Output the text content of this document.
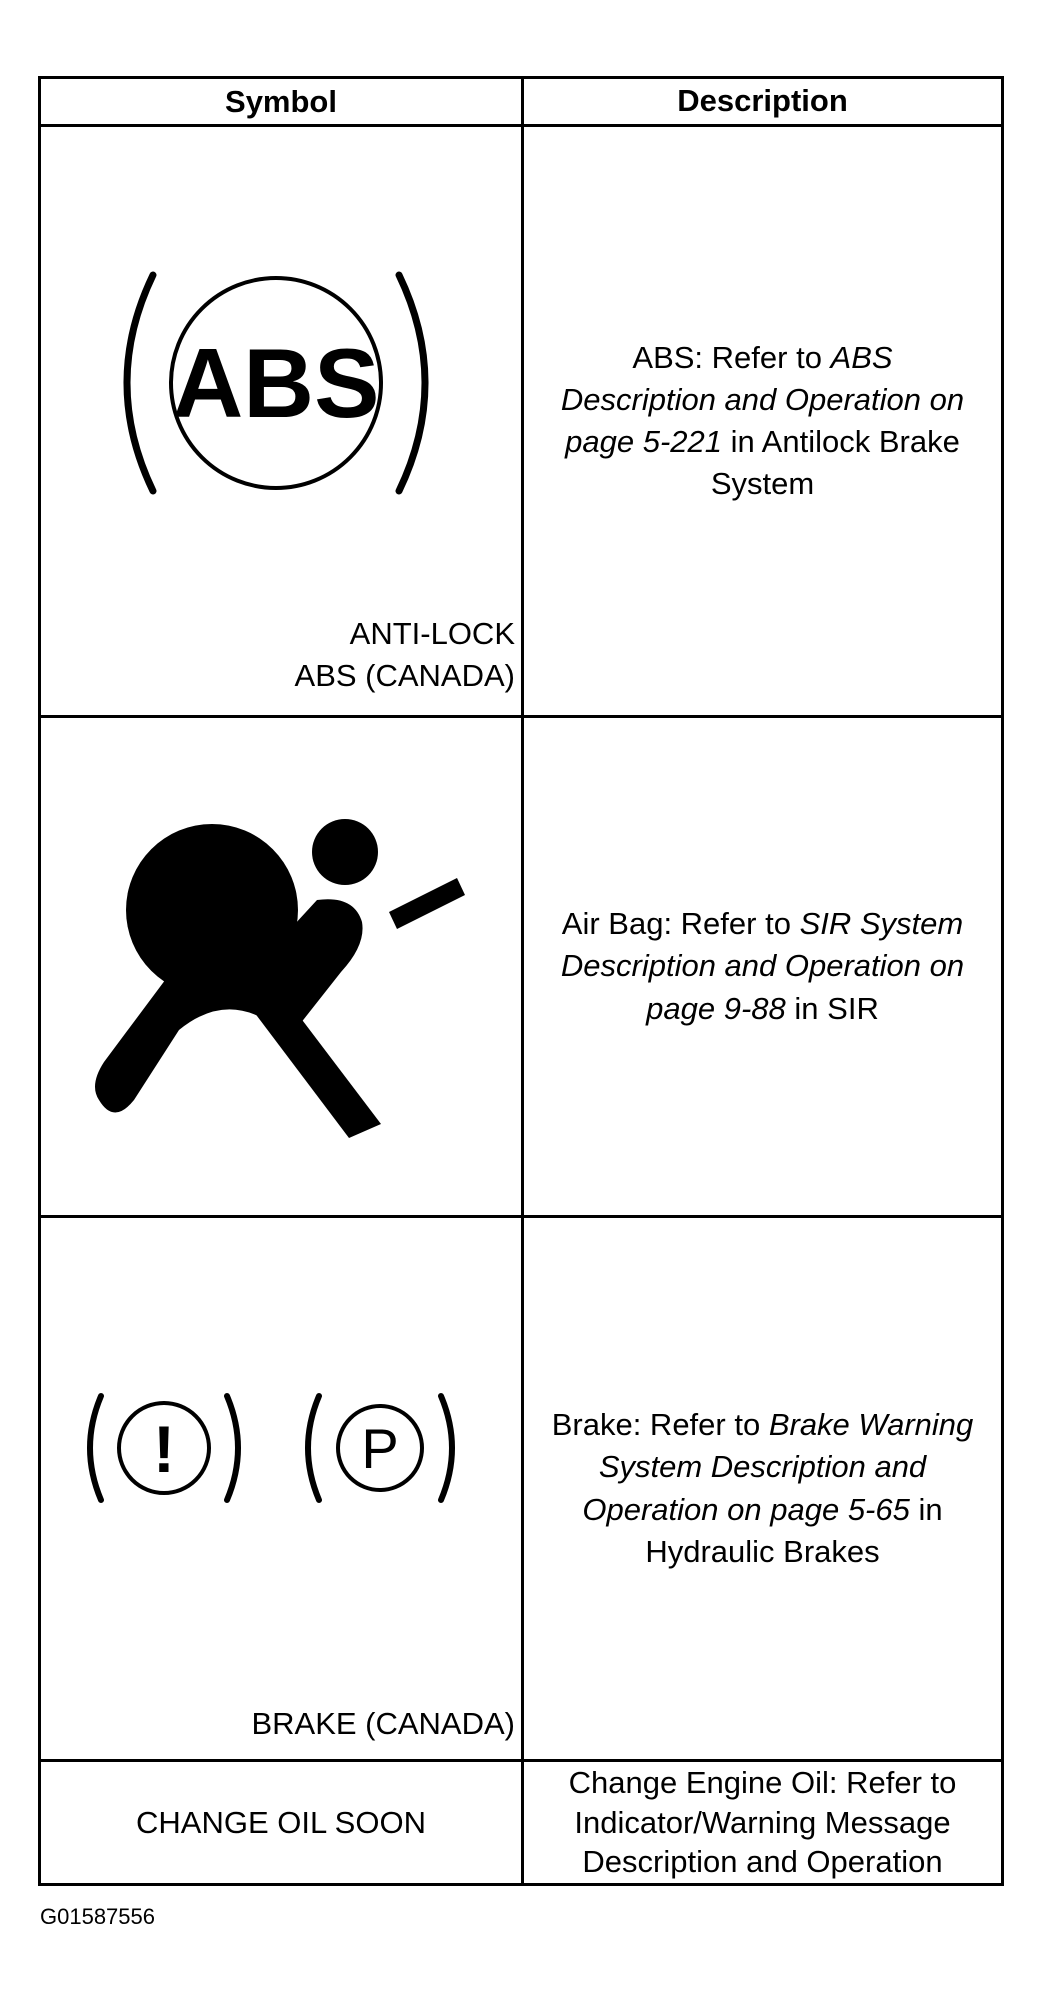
Symbol	Description
ABS
ANTI-LOCK
ABS (CANADA)
ABS: Refer to ABS Description and Operation on page 5-221 in Antilock Brake System
Air Bag: Refer to SIR System Description and Operation on page 9-88 in SIR
!	P
BRAKE (CANADA)
Brake: Refer to Brake Warning System Description and Operation on page 5-65 in Hydraulic Brakes
CHANGE OIL SOON
Change Engine Oil: Refer to Indicator/Warning Message Description and Operation
G01587556
